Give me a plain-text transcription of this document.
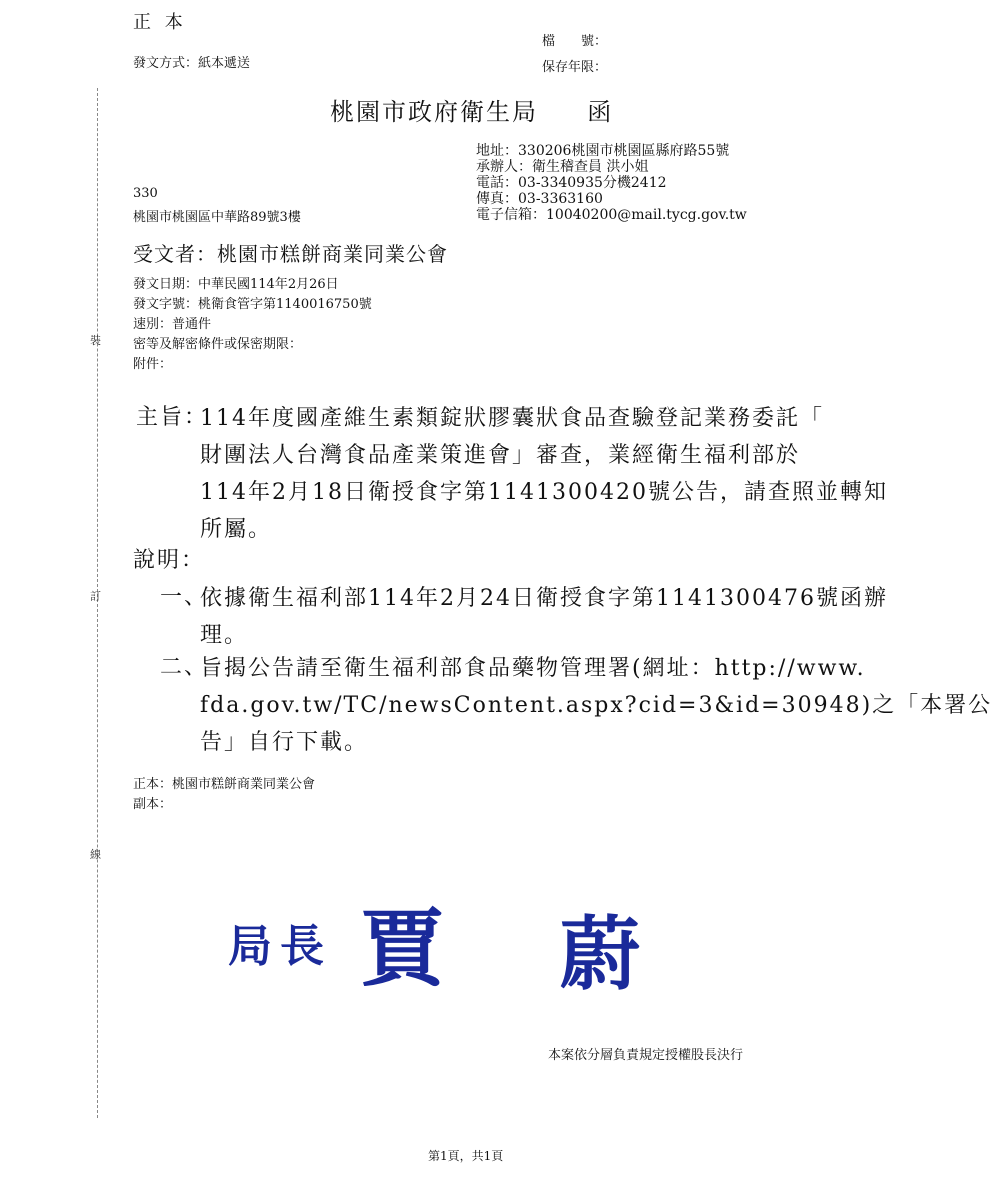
正 本
發文方式：紙本遞送
檔　　號：
保存年限：
桃園市政府衛生局 函
地址：330206桃園市桃園區縣府路55號
承辦人：衛生稽查員 洪小姐
電話：03-3340935分機2412
傳真：03-3363160
電子信箱：10040200@mail.tycg.gov.tw
330
桃園市桃園區中華路89號3樓
受文者：桃園市糕餅商業同業公會
發文日期：中華民國114年2月26日
發文字號：桃衛食管字第1140016750號
速別：普通件
密等及解密條件或保密期限：
附件：
主旨：
114年度國產維生素類錠狀膠囊狀食品查驗登記業務委託「
財團法人台灣食品產業策進會」審查，業經衛生福利部於
114年2月18日衛授食字第1141300420號公告，請查照並轉知
所屬。
說明：
一、
依據衛生福利部114年2月24日衛授食字第1141300476號函辦
理。
二、
旨揭公告請至衛生福利部食品藥物管理署(網址：http://www.
fda.gov.tw/TC/newsContent.aspx?cid=3&id=30948)之「本署公
告」自行下載。
正本：桃園市糕餅商業同業公會
副本：
裝
訂
線
局長 賈 蔚
本案依分層負責規定授權股長決行
第1頁，共1頁
